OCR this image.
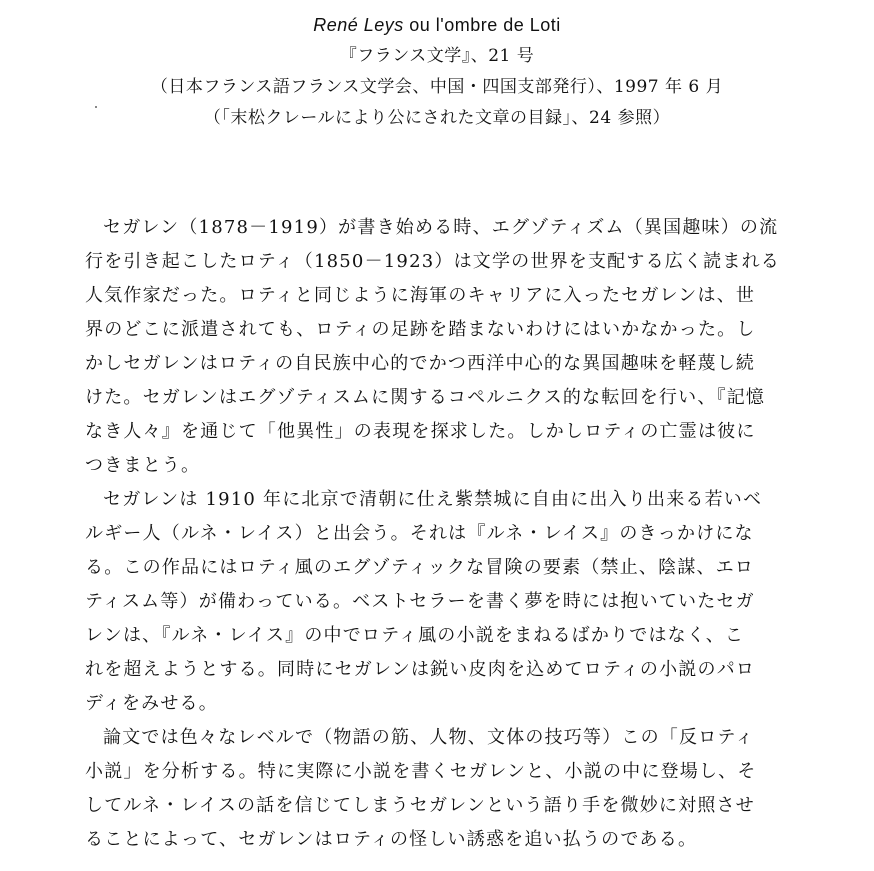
René Leys ou l'ombre de Loti
『フランス文学』、21 号
（日本フランス語フランス文学会、中国・四国支部発行）、1997 年 6 月
（「末松クレールにより公にされた文章の目録」、24 参照）
セガレン（1878－1919）が書き始める時、エグゾティズム（異国趣味）の流
行を引き起こしたロティ（1850－1923）は文学の世界を支配する広く読まれる
人気作家だった。ロティと同じように海軍のキャリアに入ったセガレンは、世
界のどこに派遣されても、ロティの足跡を踏まないわけにはいかなかった。し
かしセガレンはロティの自民族中心的でかつ西洋中心的な異国趣味を軽蔑し続
けた。セガレンはエグゾティスムに関するコペルニクス的な転回を行い、『記憶
なき人々』を通じて「他異性」の表現を探求した。しかしロティの亡霊は彼に
つきまとう。
セガレンは 1910 年に北京で清朝に仕え紫禁城に自由に出入り出来る若いベ
ルギー人（ルネ・レイス）と出会う。それは『ルネ・レイス』のきっかけにな
る。この作品にはロティ風のエグゾティックな冒険の要素（禁止、陰謀、エロ
ティスム等）が備わっている。ベストセラーを書く夢を時には抱いていたセガ
レンは、『ルネ・レイス』の中でロティ風の小説をまねるばかりではなく、こ
れを超えようとする。同時にセガレンは鋭い皮肉を込めてロティの小説のパロ
ディをみせる。
論文では色々なレベルで（物語の筋、人物、文体の技巧等）この「反ロティ
小説」を分析する。特に実際に小説を書くセガレンと、小説の中に登場し、そ
してルネ・レイスの話を信じてしまうセガレンという語り手を微妙に対照させ
ることによって、セガレンはロティの怪しい誘惑を追い払うのである。
